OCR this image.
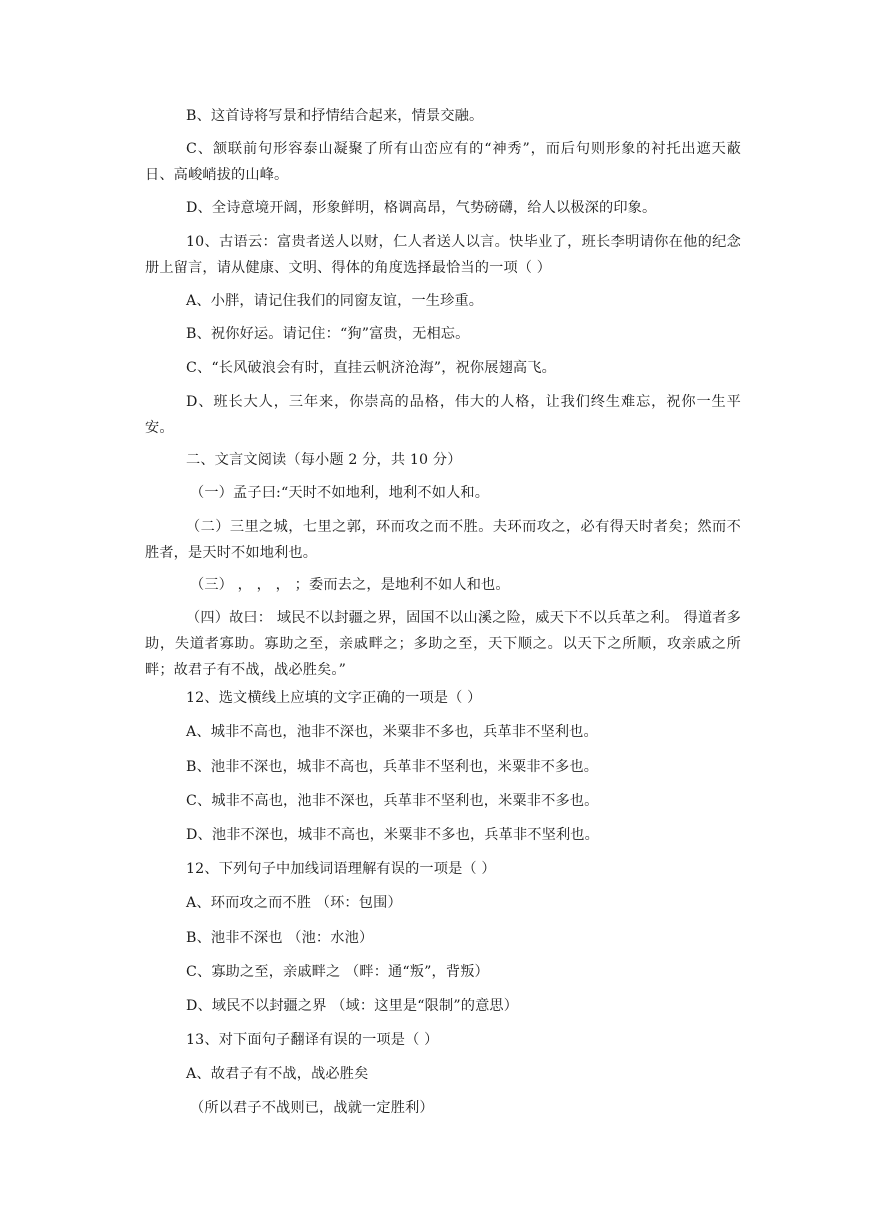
B、这首诗将写景和抒情结合起来，情景交融。
C、颔联前句形容泰山凝聚了所有山峦应有的“神秀”，而后句则形象的衬托出遮天蔽日、高峻峭拔的山峰。
D、全诗意境开阔，形象鲜明，格调高昂，气势磅礴，给人以极深的印象。
10、古语云：富贵者送人以财，仁人者送人以言。快毕业了，班长李明请你在他的纪念册上留言，请从健康、文明、得体的角度选择最恰当的一项（ ）
A、小胖，请记住我们的同窗友谊，一生珍重。
B、祝你好运。请记住：“狗”富贵，无相忘。
C、“长风破浪会有时，直挂云帆济沧海”，祝你展翅高飞。
D、班长大人，三年来，你崇高的品格，伟大的人格，让我们终生难忘，祝你一生平安。
二、文言文阅读（每小题 2 分，共 10 分）
（一）孟子曰:“天时不如地利，地利不如人和。
（二）三里之城，七里之郭，环而攻之而不胜。夫环而攻之，必有得天时者矣；然而不胜者，是天时不如地利也。
（三） ， ， ， ；委而去之，是地利不如人和也。
（四）故曰： 域民不以封疆之界，固国不以山溪之险，威天下不以兵革之利。 得道者多助，失道者寡助。寡助之至，亲戚畔之；多助之至，天下顺之。以天下之所顺，攻亲戚之所畔；故君子有不战，战必胜矣。”
12、选文横线上应填的文字正确的一项是（ ）
A、城非不高也，池非不深也，米粟非不多也，兵革非不坚利也。
B、池非不深也，城非不高也，兵革非不坚利也，米粟非不多也。
C、城非不高也，池非不深也，兵革非不坚利也，米粟非不多也。
D、池非不深也，城非不高也，米粟非不多也，兵革非不坚利也。
12、下列句子中加线词语理解有误的一项是（ ）
A、环而攻之而不胜 （环：包围）
B、池非不深也 （池：水池）
C、寡助之至，亲戚畔之 （畔：通“叛”，背叛）
D、域民不以封疆之界 （域：这里是“限制”的意思）
13、对下面句子翻译有误的一项是（ ）
A、故君子有不战，战必胜矣
（所以君子不战则已，战就一定胜利）
